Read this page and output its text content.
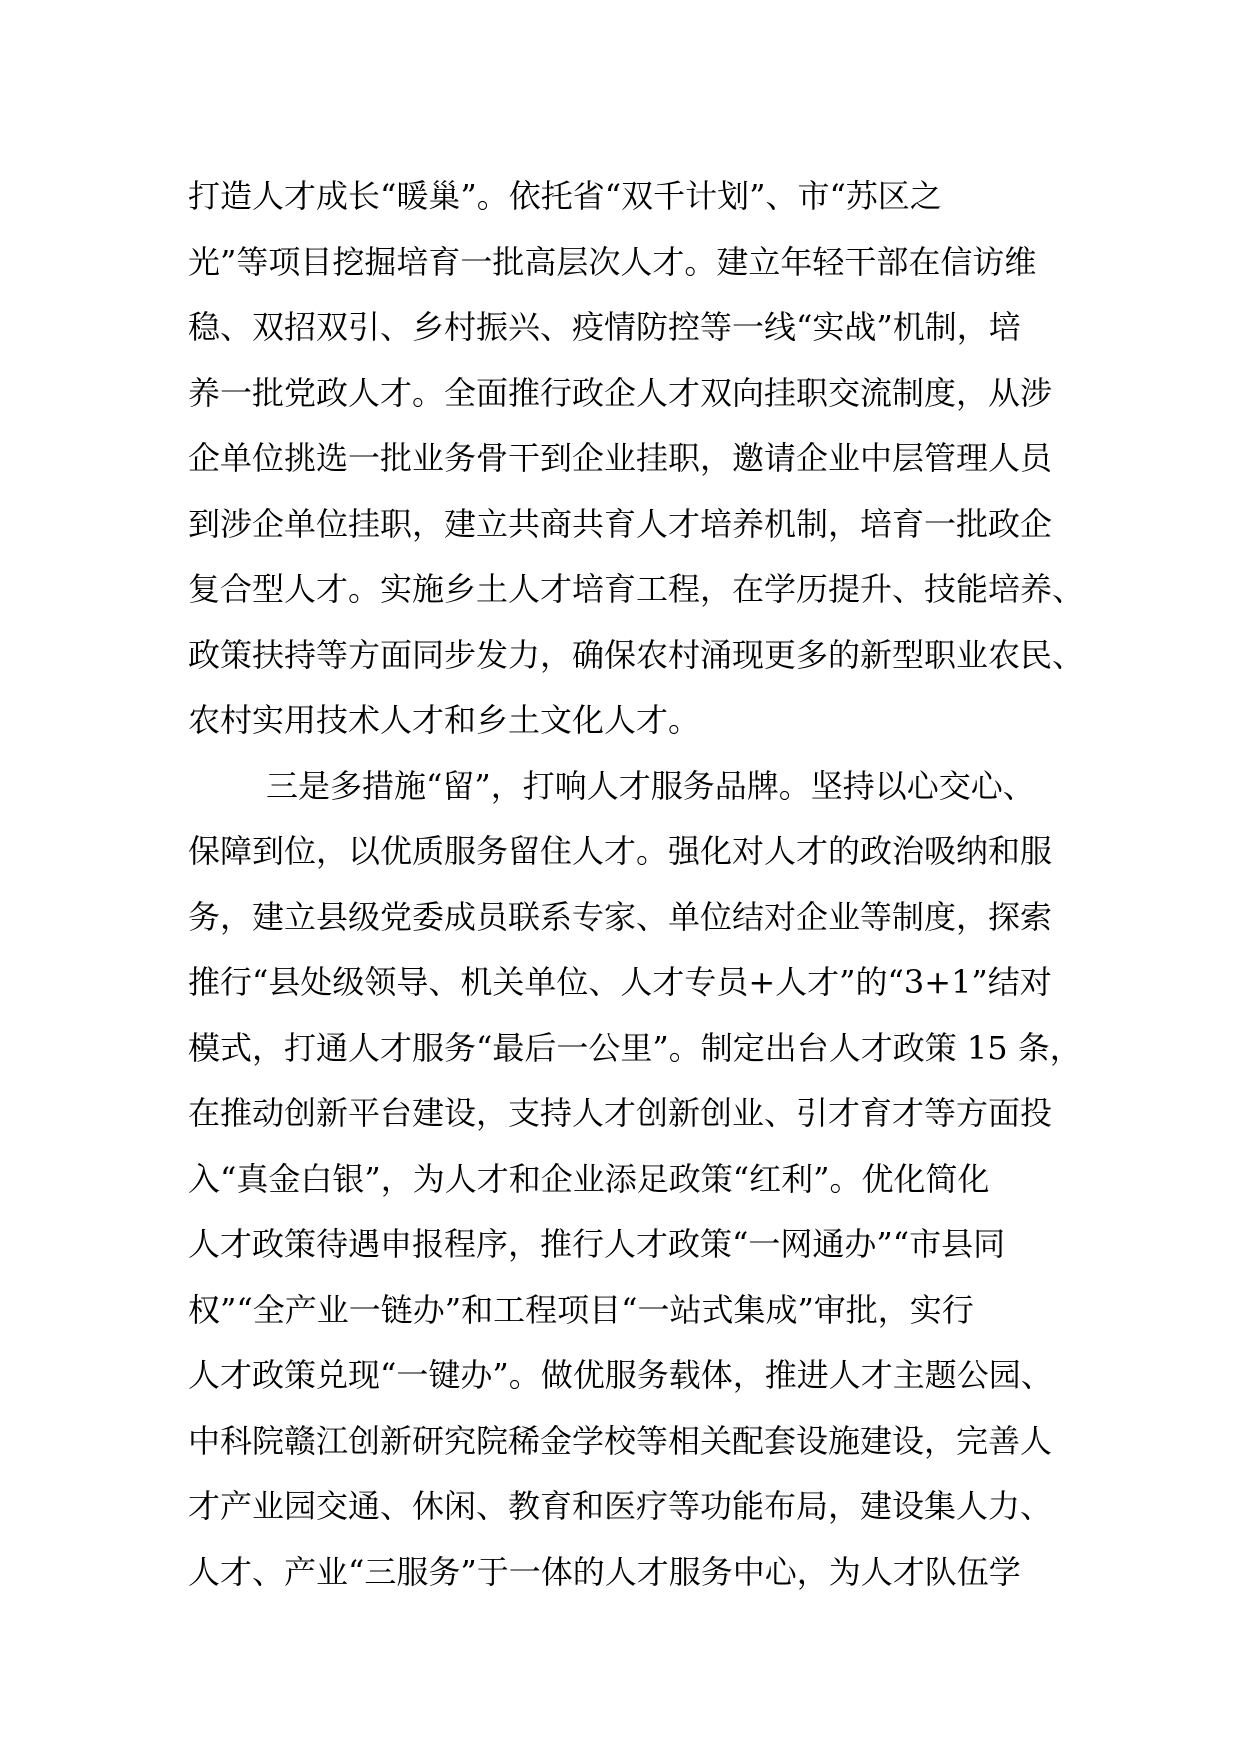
打造人才成长“暖巢”。依托省“双千计划”、市“苏区之
光”等项目挖掘培育一批高层次人才。建立年轻干部在信访维
稳、双招双引、乡村振兴、疫情防控等一线“实战”机制，培
养一批党政人才。全面推行政企人才双向挂职交流制度，从涉
企单位挑选一批业务骨干到企业挂职，邀请企业中层管理人员
到涉企单位挂职，建立共商共育人才培养机制，培育一批政企
复合型人才。实施乡土人才培育工程，在学历提升、技能培养、
政策扶持等方面同步发力，确保农村涌现更多的新型职业农民、
农村实用技术人才和乡土文化人才。
三是多措施“留”，打响人才服务品牌。坚持以心交心、
保障到位，以优质服务留住人才。强化对人才的政治吸纳和服
务，建立县级党委成员联系专家、单位结对企业等制度，探索
推行“县处级领导、机关单位、人才专员+人才”的“3+1”结对
模式，打通人才服务“最后一公里”。制定出台人才政策 15 条，
在推动创新平台建设，支持人才创新创业、引才育才等方面投
入“真金白银”，为人才和企业添足政策“红利”。优化简化
人才政策待遇申报程序，推行人才政策“一网通办”“市县同
权”“全产业一链办”和工程项目“一站式集成”审批，实行
人才政策兑现“一键办”。做优服务载体，推进人才主题公园、
中科院赣江创新研究院稀金学校等相关配套设施建设，完善人
才产业园交通、休闲、教育和医疗等功能布局，建设集人力、
人才、产业“三服务”于一体的人才服务中心，为人才队伍学
